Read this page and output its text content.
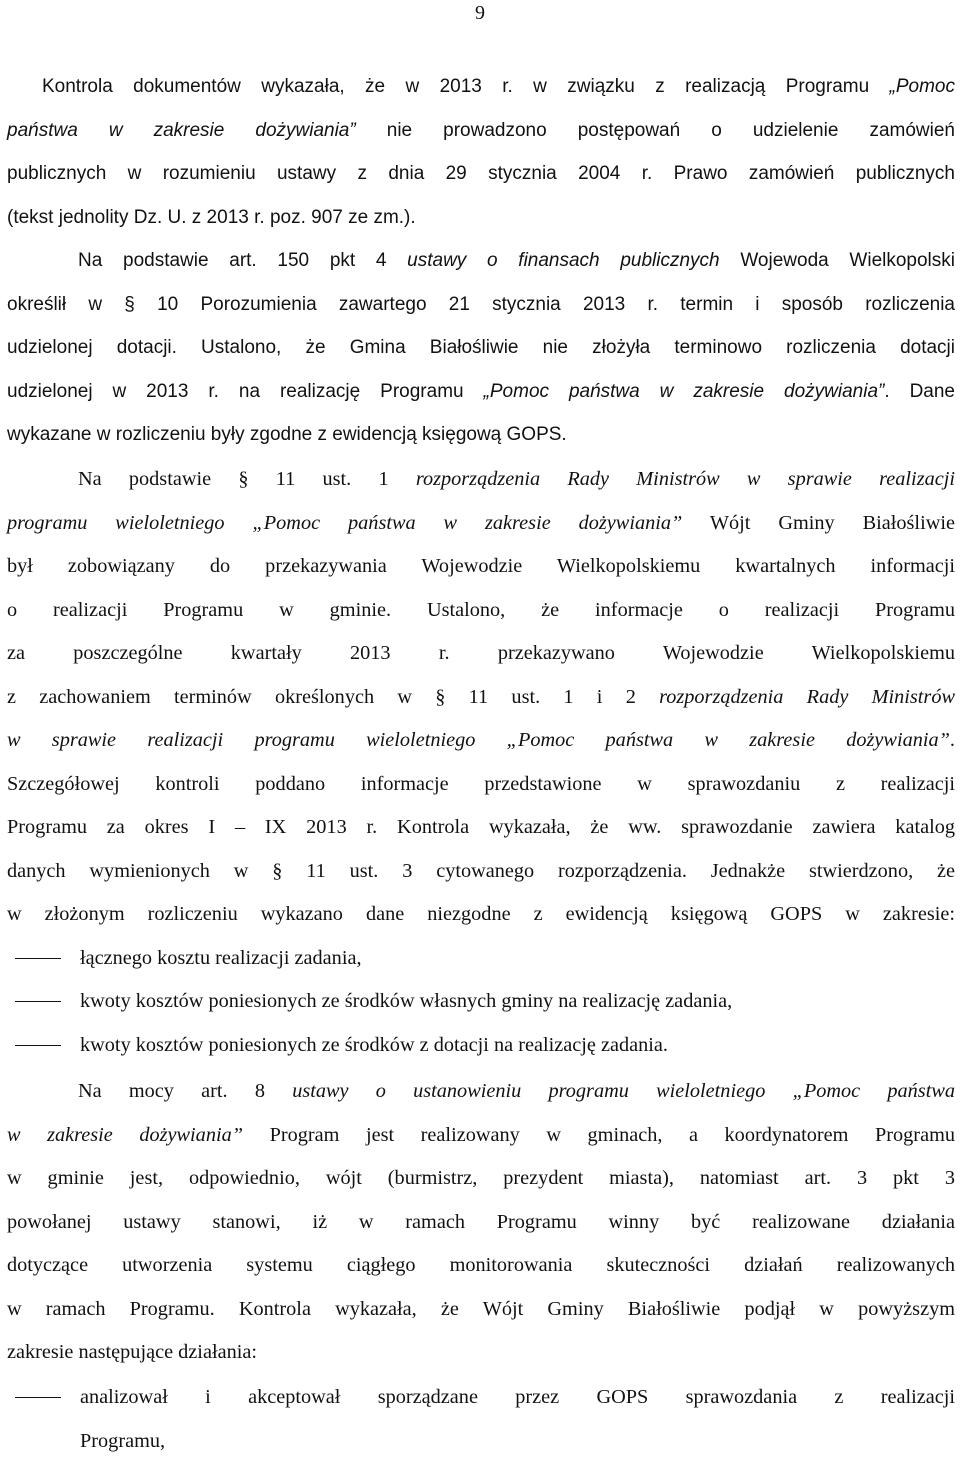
9
Kontrola dokumentów wykazała, że w 2013 r. w związku z realizacją Programu „Pomoc
państwa w zakresie dożywiania” nie prowadzono postępowań o udzielenie zamówień
publicznych w rozumieniu ustawy z dnia 29 stycznia 2004 r. Prawo zamówień publicznych
(tekst jednolity Dz. U. z 2013 r. poz. 907 ze zm.).
Na podstawie art. 150 pkt 4 ustawy o finansach publicznych Wojewoda Wielkopolski
określił w § 10 Porozumienia zawartego 21 stycznia 2013 r. termin i sposób rozliczenia
udzielonej dotacji. Ustalono, że Gmina Białośliwie nie złożyła terminowo rozliczenia dotacji
udzielonej w 2013 r. na realizację Programu „Pomoc państwa w zakresie dożywiania”. Dane
wykazane w rozliczeniu były zgodne z ewidencją księgową GOPS.
Na podstawie § 11 ust. 1 rozporządzenia Rady Ministrów w sprawie realizacji
programu wieloletniego „Pomoc państwa w zakresie dożywiania” Wójt Gminy Białośliwie
był zobowiązany do przekazywania Wojewodzie Wielkopolskiemu kwartalnych informacji
o realizacji Programu w gminie. Ustalono, że informacje o realizacji Programu
za poszczególne kwartały 2013 r. przekazywano Wojewodzie Wielkopolskiemu
z zachowaniem terminów określonych w § 11 ust. 1 i 2 rozporządzenia Rady Ministrów
w sprawie realizacji programu wieloletniego „Pomoc państwa w zakresie dożywiania”.
Szczegółowej kontroli poddano informacje przedstawione w sprawozdaniu z realizacji
Programu za okres I – IX 2013 r. Kontrola wykazała, że ww. sprawozdanie zawiera katalog
danych wymienionych w § 11 ust. 3 cytowanego rozporządzenia. Jednakże stwierdzono, że
w złożonym rozliczeniu wykazano dane niezgodne z ewidencją księgową GOPS w zakresie:
łącznego kosztu realizacji zadania,
kwoty kosztów poniesionych ze środków własnych gminy na realizację zadania,
kwoty kosztów poniesionych ze środków z dotacji na realizację zadania.
Na mocy art. 8 ustawy o ustanowieniu programu wieloletniego „Pomoc państwa
w zakresie dożywiania” Program jest realizowany w gminach, a koordynatorem Programu
w gminie jest, odpowiednio, wójt (burmistrz, prezydent miasta), natomiast art. 3 pkt 3
powołanej ustawy stanowi, iż w ramach Programu winny być realizowane działania
dotyczące utworzenia systemu ciągłego monitorowania skuteczności działań realizowanych
w ramach Programu. Kontrola wykazała, że Wójt Gminy Białośliwie podjął w powyższym
zakresie następujące działania:
analizował i akceptował sporządzane przez GOPS sprawozdania z realizacji
Programu,
